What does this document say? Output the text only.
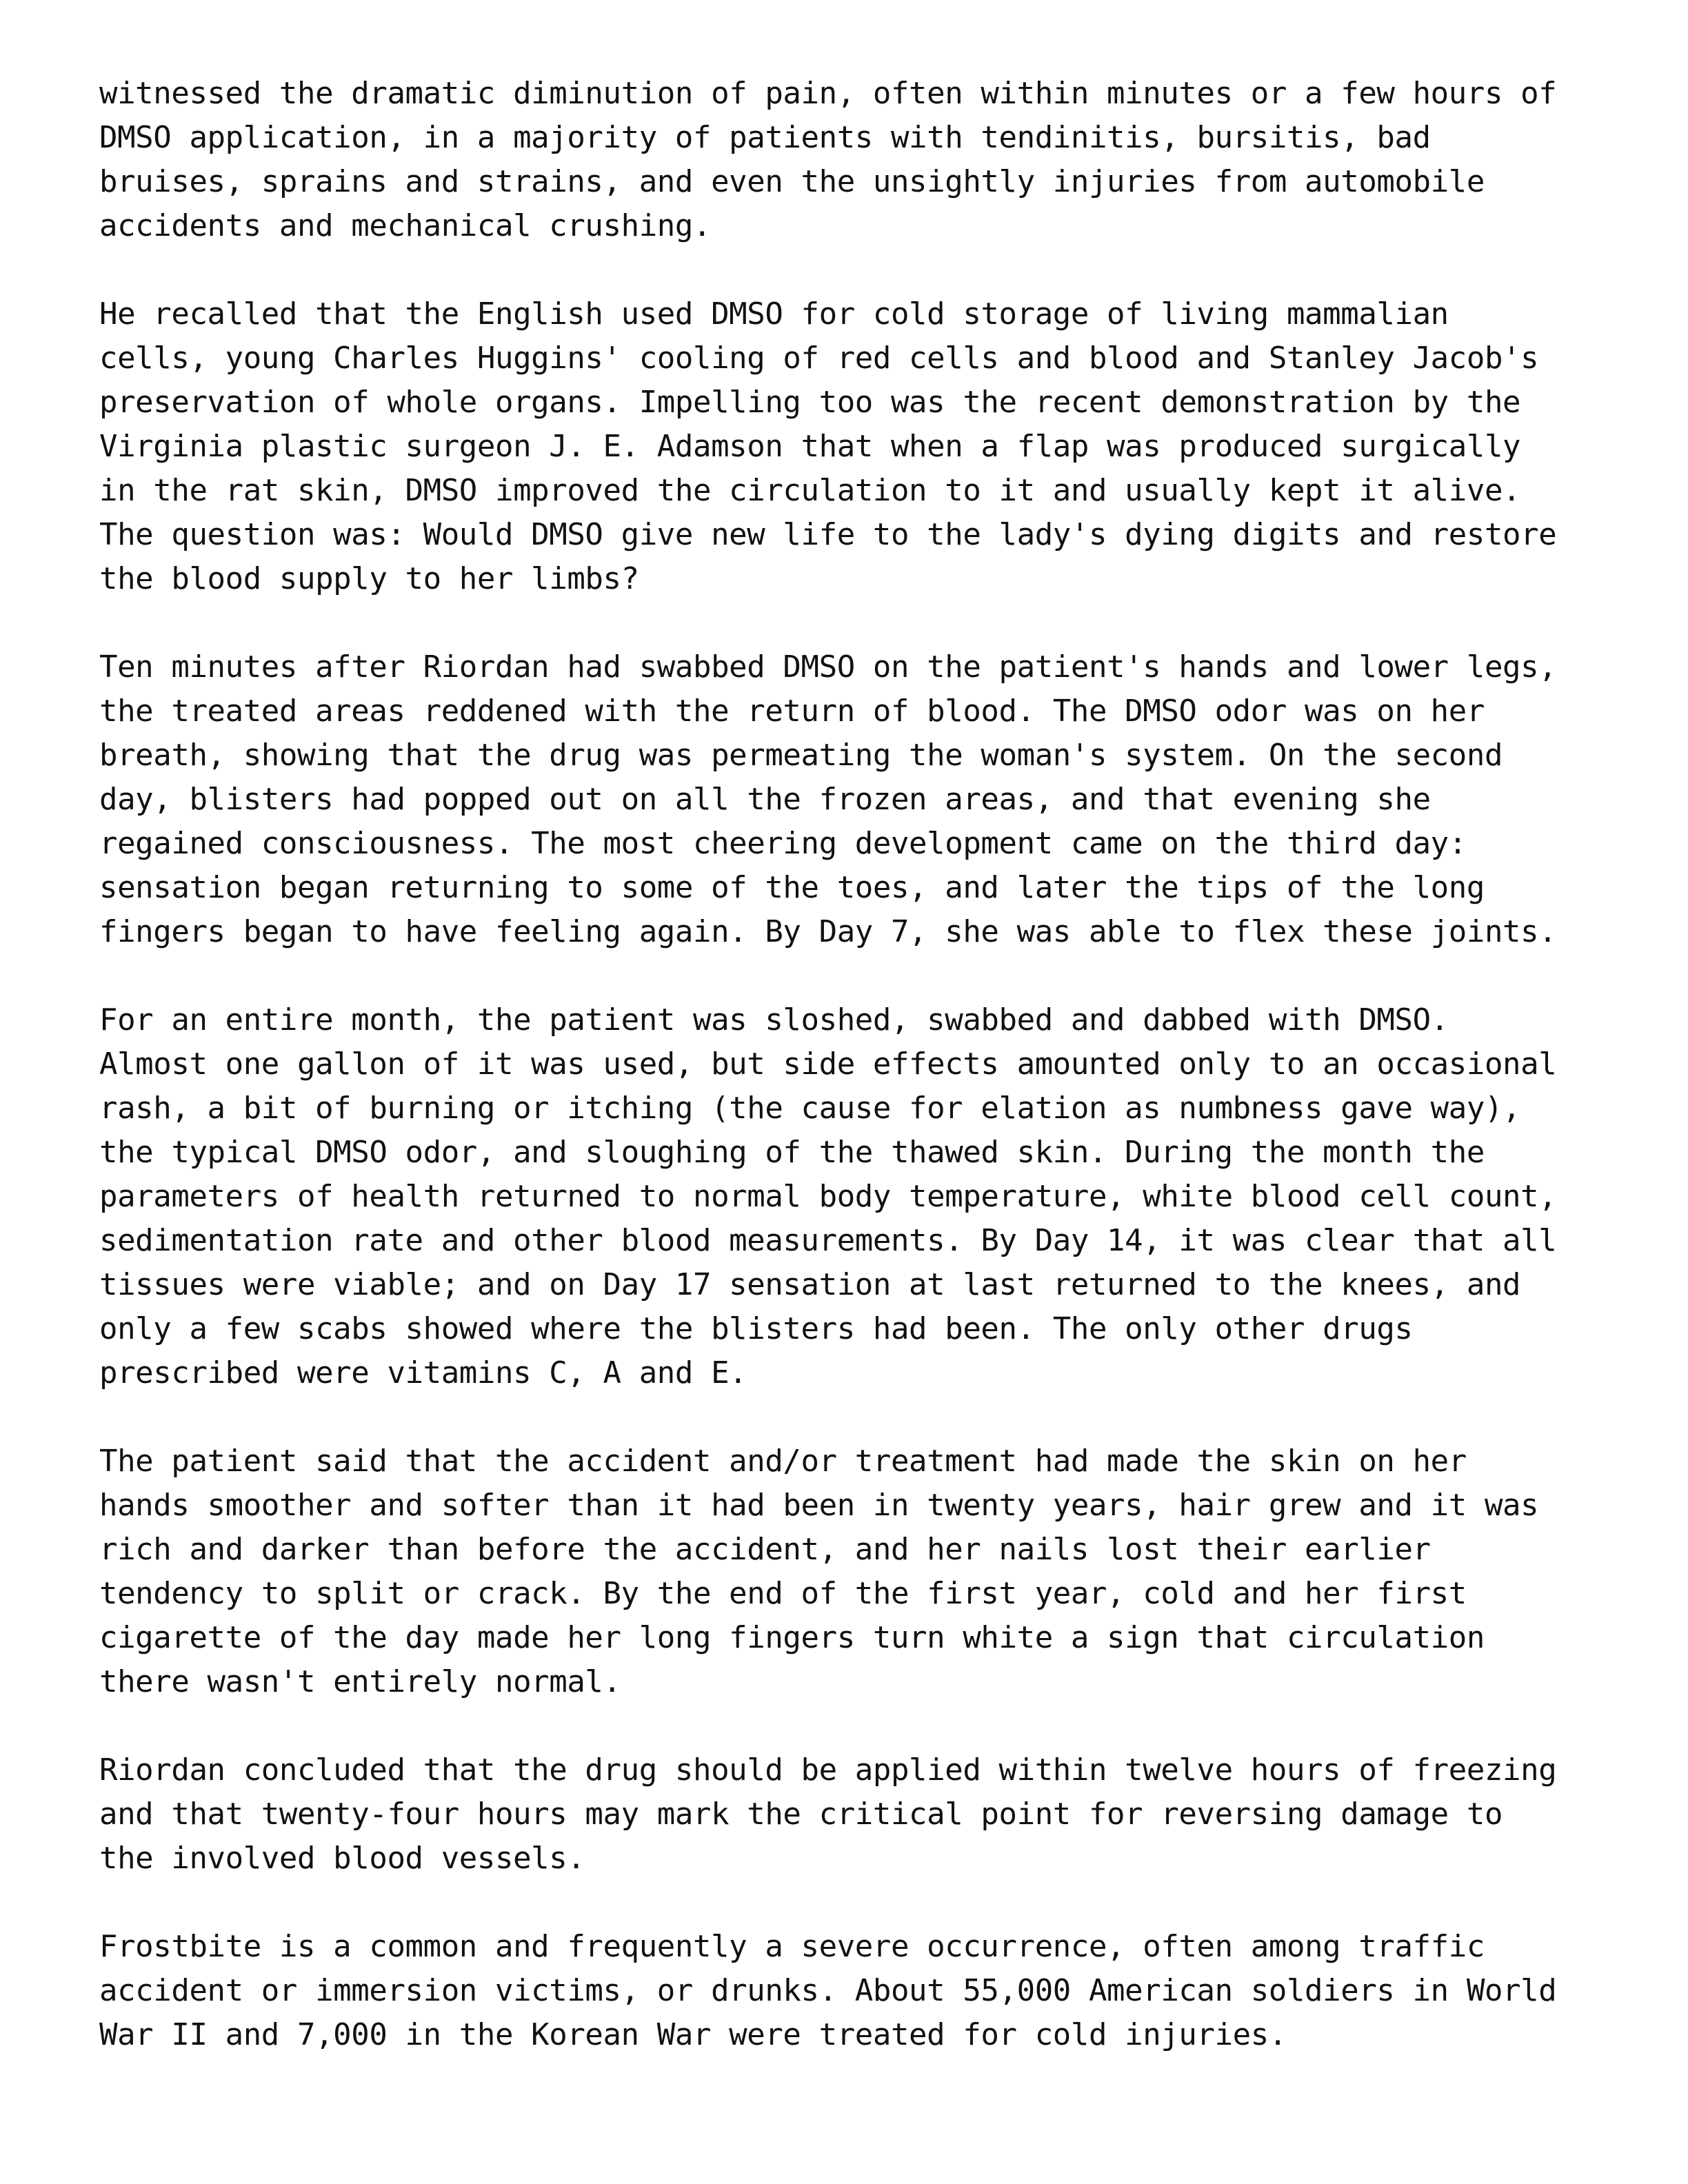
witnessed the dramatic diminution of pain, often within minutes or a few hours of
DMSO application, in a majority of patients with tendinitis, bursitis, bad
bruises, sprains and strains, and even the unsightly injuries from automobile
accidents and mechanical crushing.
He recalled that the English used DMSO for cold storage of living mammalian
cells, young Charles Huggins' cooling of red cells and blood and Stanley Jacob's
preservation of whole organs. Impelling too was the recent demonstration by the
Virginia plastic surgeon J. E. Adamson that when a flap was produced surgically
in the rat skin, DMSO improved the circulation to it and usually kept it alive.
The question was: Would DMSO give new life to the lady's dying digits and restore
the blood supply to her limbs?
Ten minutes after Riordan had swabbed DMSO on the patient's hands and lower legs,
the treated areas reddened with the return of blood. The DMSO odor was on her
breath, showing that the drug was permeating the woman's system. On the second
day, blisters had popped out on all the frozen areas, and that evening she
regained consciousness. The most cheering development came on the third day:
sensation began returning to some of the toes, and later the tips of the long
fingers began to have feeling again. By Day 7, she was able to flex these joints.
For an entire month, the patient was sloshed, swabbed and dabbed with DMSO.
Almost one gallon of it was used, but side effects amounted only to an occasional
rash, a bit of burning or itching (the cause for elation as numbness gave way),
the typical DMSO odor, and sloughing of the thawed skin. During the month the
parameters of health returned to normal body temperature, white blood cell count,
sedimentation rate and other blood measurements. By Day 14, it was clear that all
tissues were viable; and on Day 17 sensation at last returned to the knees, and
only a few scabs showed where the blisters had been. The only other drugs
prescribed were vitamins C, A and E.
The patient said that the accident and/or treatment had made the skin on her
hands smoother and softer than it had been in twenty years, hair grew and it was
rich and darker than before the accident, and her nails lost their earlier
tendency to split or crack. By the end of the first year, cold and her first
cigarette of the day made her long fingers turn white a sign that circulation
there wasn't entirely normal.
Riordan concluded that the drug should be applied within twelve hours of freezing
and that twenty-four hours may mark the critical point for reversing damage to
the involved blood vessels.
Frostbite is a common and frequently a severe occurrence, often among traffic
accident or immersion victims, or drunks. About 55,000 American soldiers in World
War II and 7,000 in the Korean War were treated for cold injuries.
